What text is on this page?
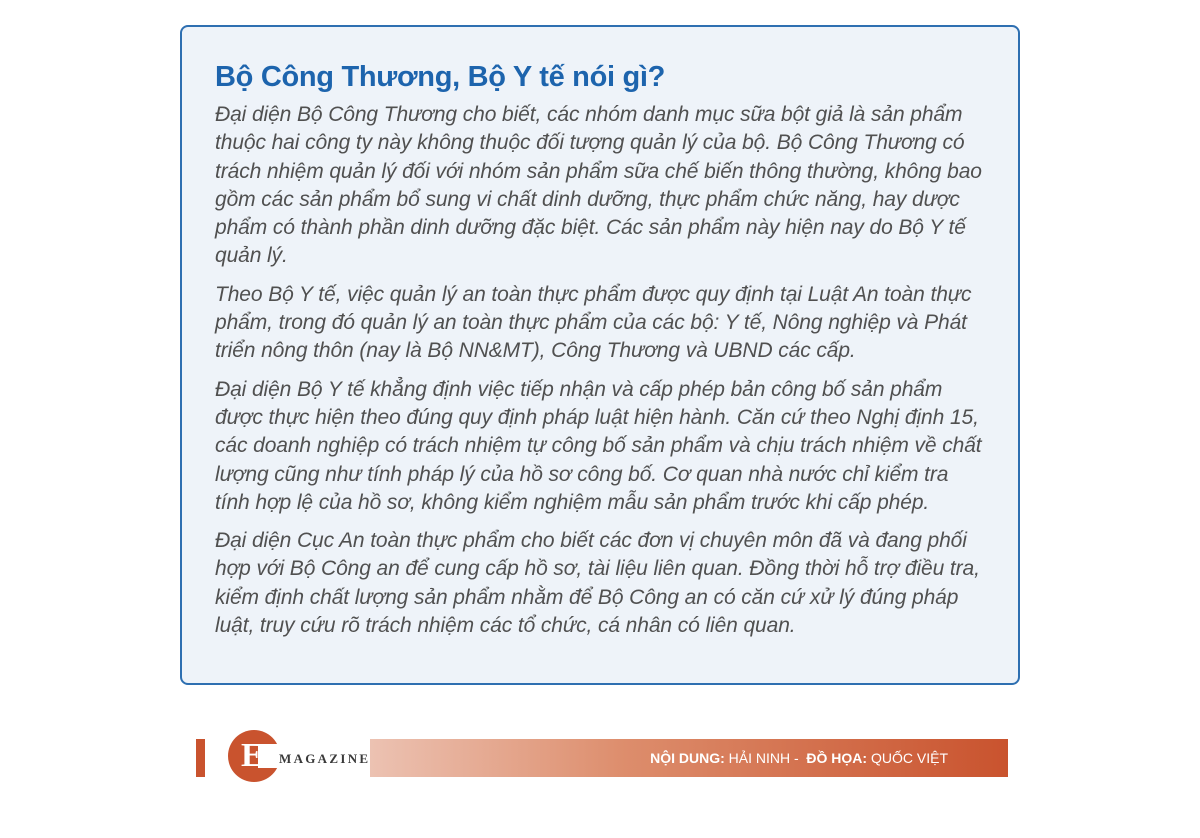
Bộ Công Thương, Bộ Y tế nói gì?

Đại diện Bộ Công Thương cho biết, các nhóm danh mục sữa bột giả là sản phẩm thuộc hai công ty này không thuộc đối tượng quản lý của bộ. Bộ Công Thương có trách nhiệm quản lý đối với nhóm sản phẩm sữa chế biến thông thường, không bao gồm các sản phẩm bổ sung vi chất dinh dưỡng, thực phẩm chức năng, hay dược phẩm có thành phần dinh dưỡng đặc biệt. Các sản phẩm này hiện nay do Bộ Y tế quản lý.

Theo Bộ Y tế, việc quản lý an toàn thực phẩm được quy định tại Luật An toàn thực phẩm, trong đó quản lý an toàn thực phẩm của các bộ: Y tế, Nông nghiệp và Phát triển nông thôn (nay là Bộ NN&MT), Công Thương và UBND các cấp.

Đại diện Bộ Y tế khẳng định việc tiếp nhận và cấp phép bản công bố sản phẩm được thực hiện theo đúng quy định pháp luật hiện hành. Căn cứ theo Nghị định 15, các doanh nghiệp có trách nhiệm tự công bố sản phẩm và chịu trách nhiệm về chất lượng cũng như tính pháp lý của hồ sơ công bố. Cơ quan nhà nước chỉ kiểm tra tính hợp lệ của hồ sơ, không kiểm nghiệm mẫu sản phẩm trước khi cấp phép.

Đại diện Cục An toàn thực phẩm cho biết các đơn vị chuyên môn đã và đang phối hợp với Bộ Công an để cung cấp hồ sơ, tài liệu liên quan. Đồng thời hỗ trợ điều tra, kiểm định chất lượng sản phẩm nhằm để Bộ Công an có căn cứ xử lý đúng pháp luật, truy cứu rõ trách nhiệm các tổ chức, cá nhân có liên quan.

E MAGAZINE	NỘI DUNG: HẢI NINH - ĐỒ HỌA: QUỐC VIỆT
